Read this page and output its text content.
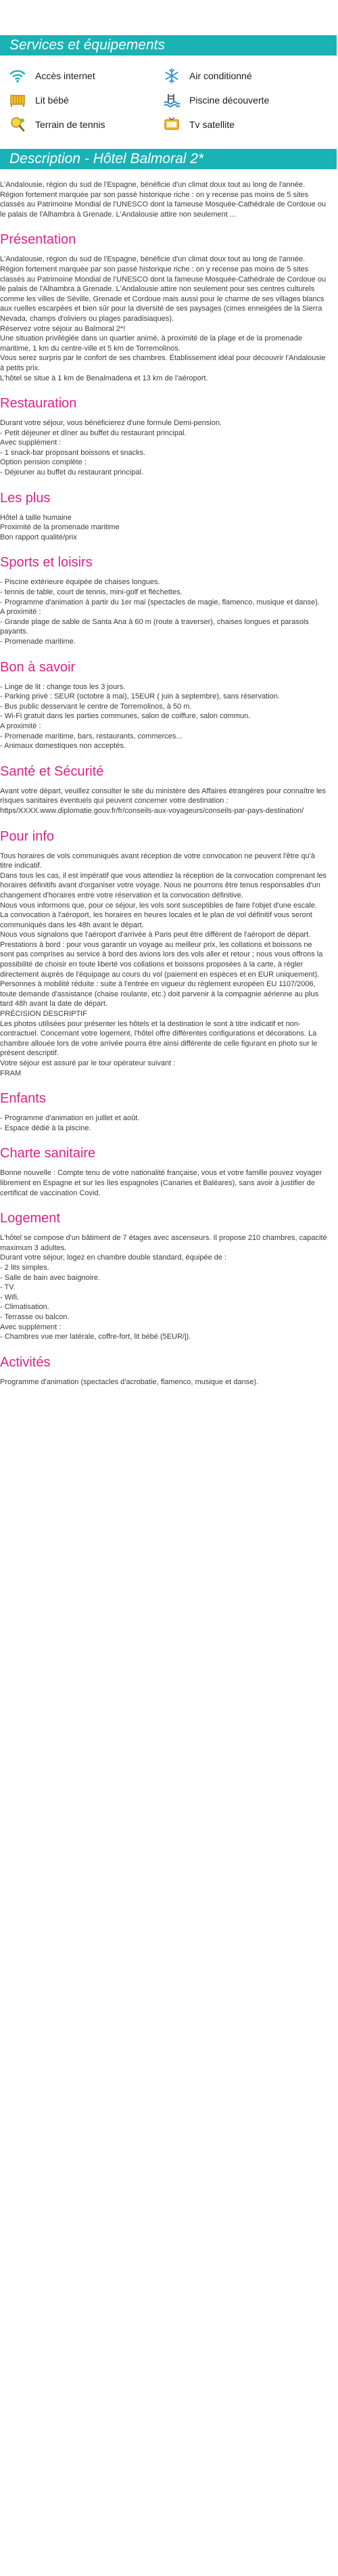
Services et équipements
Accès internet	Air conditionné
Lit bébé	Piscine découverte
Terrain de tennis	Tv satellite
Description - Hôtel Balmoral 2*

L'Andalousie, région du sud de l'Espagne, bénéficie d'un climat doux tout au long de l'année. Région fortement marquée par son passé historique riche : on y recense pas moins de 5 sites classés au Patrimoine Mondial de l'UNESCO dont la fameuse Mosquée-Cathédrale de Cordoue ou le palais de l'Alhambra à Grenade. L'Andalousie attire non seulement ...

Présentation

L'Andalousie, région du sud de l'Espagne, bénéficie d'un climat doux tout au long de l'année. Région fortement marquée par son passé historique riche : on y recense pas moins de 5 sites classés au Patrimoine Mondial de l'UNESCO dont la fameuse Mosquée-Cathédrale de Cordoue ou le palais de l'Alhambra à Grenade. L'Andalousie attire non seulement pour ses centres culturels comme les villes de Séville, Grenade et Cordoue mais aussi pour le charme de ses villages blancs aux ruelles escarpées et bien sûr pour la diversité de ses paysages (cimes enneigées de la Sierra Nevada, champs d'oliviers ou plages paradisiaques).

Réservez votre séjour au Balmoral 2*!

Une situation privilégiée dans un quartier animé, à proximité de la plage et de la promenade maritime, 1 km du centre-ville et 5 km de Torremolinos.

Vous serez surpris par le confort de ses chambres. Établissement idéal pour découvrir l'Andalousie à petits prix.

L'hôtel se situe à 1 km de Benalmadena et 13 km de l'aéroport.

Restauration

Durant votre séjour, vous bénéficierez d'une formule Demi-pension.

- Petit déjeuner et dîner au buffet du restaurant principal.

Avec supplément :

- 1 snack-bar proposant boissons et snacks.

Option pension complète :

- Déjeuner au buffet du restaurant principal.

Les plus

Hôtel à taille humaine

Proximité de la promenade maritime

Bon rapport qualité/prix

Sports et loisirs

- Piscine extérieure équipée de chaises longues.

- tennis de table, court de tennis, mini-golf et fléchettes.

- Programme d'animation à partir du 1er mai (spectacles de magie, flamenco, musique et danse).

A proximité :

- Grande plage de sable de Santa Ana à 60 m (route à traverser), chaises longues et parasols payants.

- Promenade maritime.

Bon à savoir

- Linge de lit : change tous les 3 jours.

- Parking privé : SEUR (octobre à mai), 15EUR ( juin à septembre), sans réservation.

- Bus public desservant le centre de Torremolinos, à 50 m.

- Wi-Fi gratuit dans les parties communes, salon de coiffure, salon commun.

A proximité :

- Promenade maritime, bars, restaurants, commerces...

- Animaux domestiques non acceptés.

Santé et Sécurité

Avant votre départ, veuillez consulter le site du ministère des Affaires étrangères pour connaître les risques sanitaires éventuels qui peuvent concerner votre destination : https/XXXX.www.diplomatie.gouv.fr/fr/conseils-aux-voyageurs/conseils-par-pays-destination/

Pour info

Tous horaires de vols communiqués avant réception de votre convocation ne peuvent l'être qu'à titre indicatif.

Dans tous les cas, il est impératif que vous attendiez la réception de la convocation comprenant les horaires définitifs avant d'organiser votre voyage. Nous ne pourrons être tenus responsables d'un changement d'horaires entre votre réservation et la convocation définitive.

Nous vous informons que, pour ce séjour, les vols sont susceptibles de faire l'objet d'une escale.

La convocation à l'aéroport, les horaires en heures locales et le plan de vol définitif vous seront communiqués dans les 48h avant le départ.

Nous vous signalons que l'aéroport d'arrivée à Paris peut être différent de l'aéroport de départ.

Prestations à bord : pour vous garantir un voyage au meilleur prix, les collations et boissons ne sont pas comprises au service à bord des avions lors des vols aller et retour ; nous vous offrons la possibilité de choisir en toute liberté vos collations et boissons proposées à la carte, à régler directement auprès de l'équipage au cours du vol (paiement en espèces et en EUR uniquement).

Personnes à mobilité réduite : suite à l'entrée en vigueur du règlement européen EU 1107/2006, toute demande d'assistance (chaise roulante, etc.) doit parvenir à la compagnie aérienne au plus tard 48h avant la date de départ.

PRÉCISION DESCRIPTIF

Les photos utilisées pour présenter les hôtels et la destination le sont à titre indicatif et non-contractuel. Concernant votre logement, l'hôtel offre différentes configurations et décorations. La chambre allouée lors de votre arrivée pourra être ainsi différente de celle figurant en photo sur le présent descriptif.

Votre séjour est assuré par le tour opérateur suivant :

FRAM

Enfants

- Programme d'animation en juillet et août.

- Espace dédié à la piscine.

Charte sanitaire

Bonne nouvelle : Compte tenu de votre nationalité française, vous et votre famille pouvez voyager librement en Espagne et sur les îles espagnoles (Canaries et Baléares), sans avoir à justifier de certificat de vaccination Covid.

Logement

L'hôtel se compose d'un bâtiment de 7 étages avec ascenseurs. Il propose 210 chambres, capacité maximum 3 adultes.

Durant votre séjour, logez en chambre double standard, équipée de :

- 2 lits simples.

- Salle de bain avec baignoire.

- TV.

- Wifi.

- Climatisation.

- Terrasse ou balcon.

Avec supplément :

- Chambres vue mer latérale, coffre-fort, lit bébé (5EUR/j).

Activités

Programme d'animation (spectacles d'acrobatie, flamenco, musique et danse).
